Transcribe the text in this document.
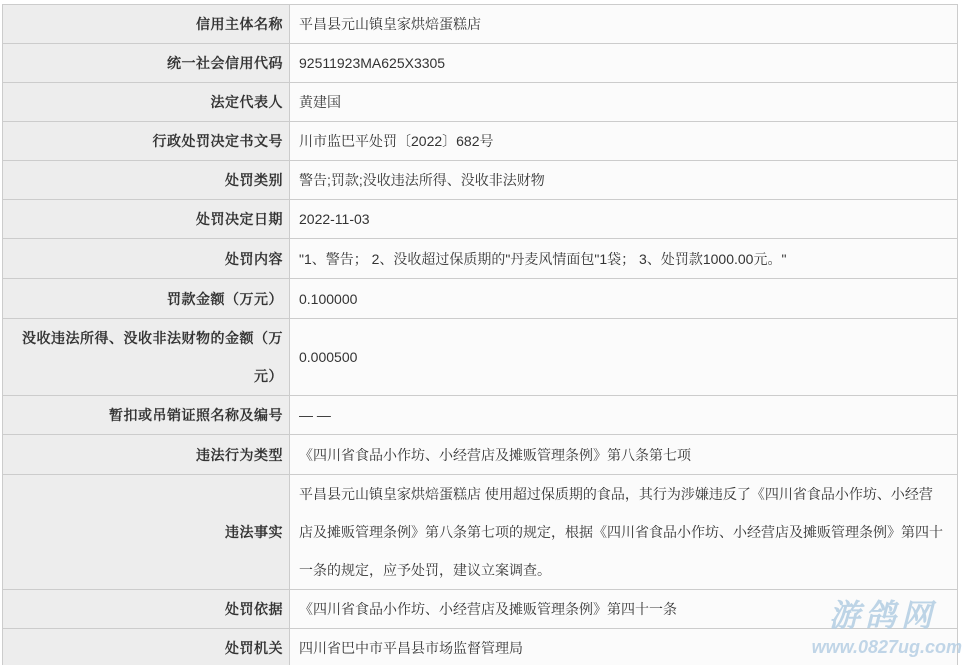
信用主体名称	平昌县元山镇皇家烘焙蛋糕店
统一社会信用代码	92511923MA625X3305
法定代表人	黄建国
行政处罚决定书文号	川市监巴平处罚〔2022〕682号
处罚类别	警告;罚款;没收违法所得、没收非法财物
处罚决定日期	2022-11-03
处罚内容	"1、警告； 2、没收超过保质期的"丹麦风情面包"1袋； 3、处罚款1000.00元。"
罚款金额（万元）	0.100000
没收违法所得、没收非法财物的金额（万元）	0.000500
暂扣或吊销证照名称及编号	— —
违法行为类型	《四川省食品小作坊、小经营店及摊贩管理条例》第八条第七项
违法事实	平昌县元山镇皇家烘焙蛋糕店 使用超过保质期的食品，其行为涉嫌违反了《四川省食品小作坊、小经营店及摊贩管理条例》第八条第七项的规定，根据《四川省食品小作坊、小经营店及摊贩管理条例》第四十一条的规定，应予处罚，建议立案调查。
处罚依据	《四川省食品小作坊、小经营店及摊贩管理条例》第四十一条
处罚机关	四川省巴中市平昌县市场监督管理局
游鸽网
www.0827ug.com
